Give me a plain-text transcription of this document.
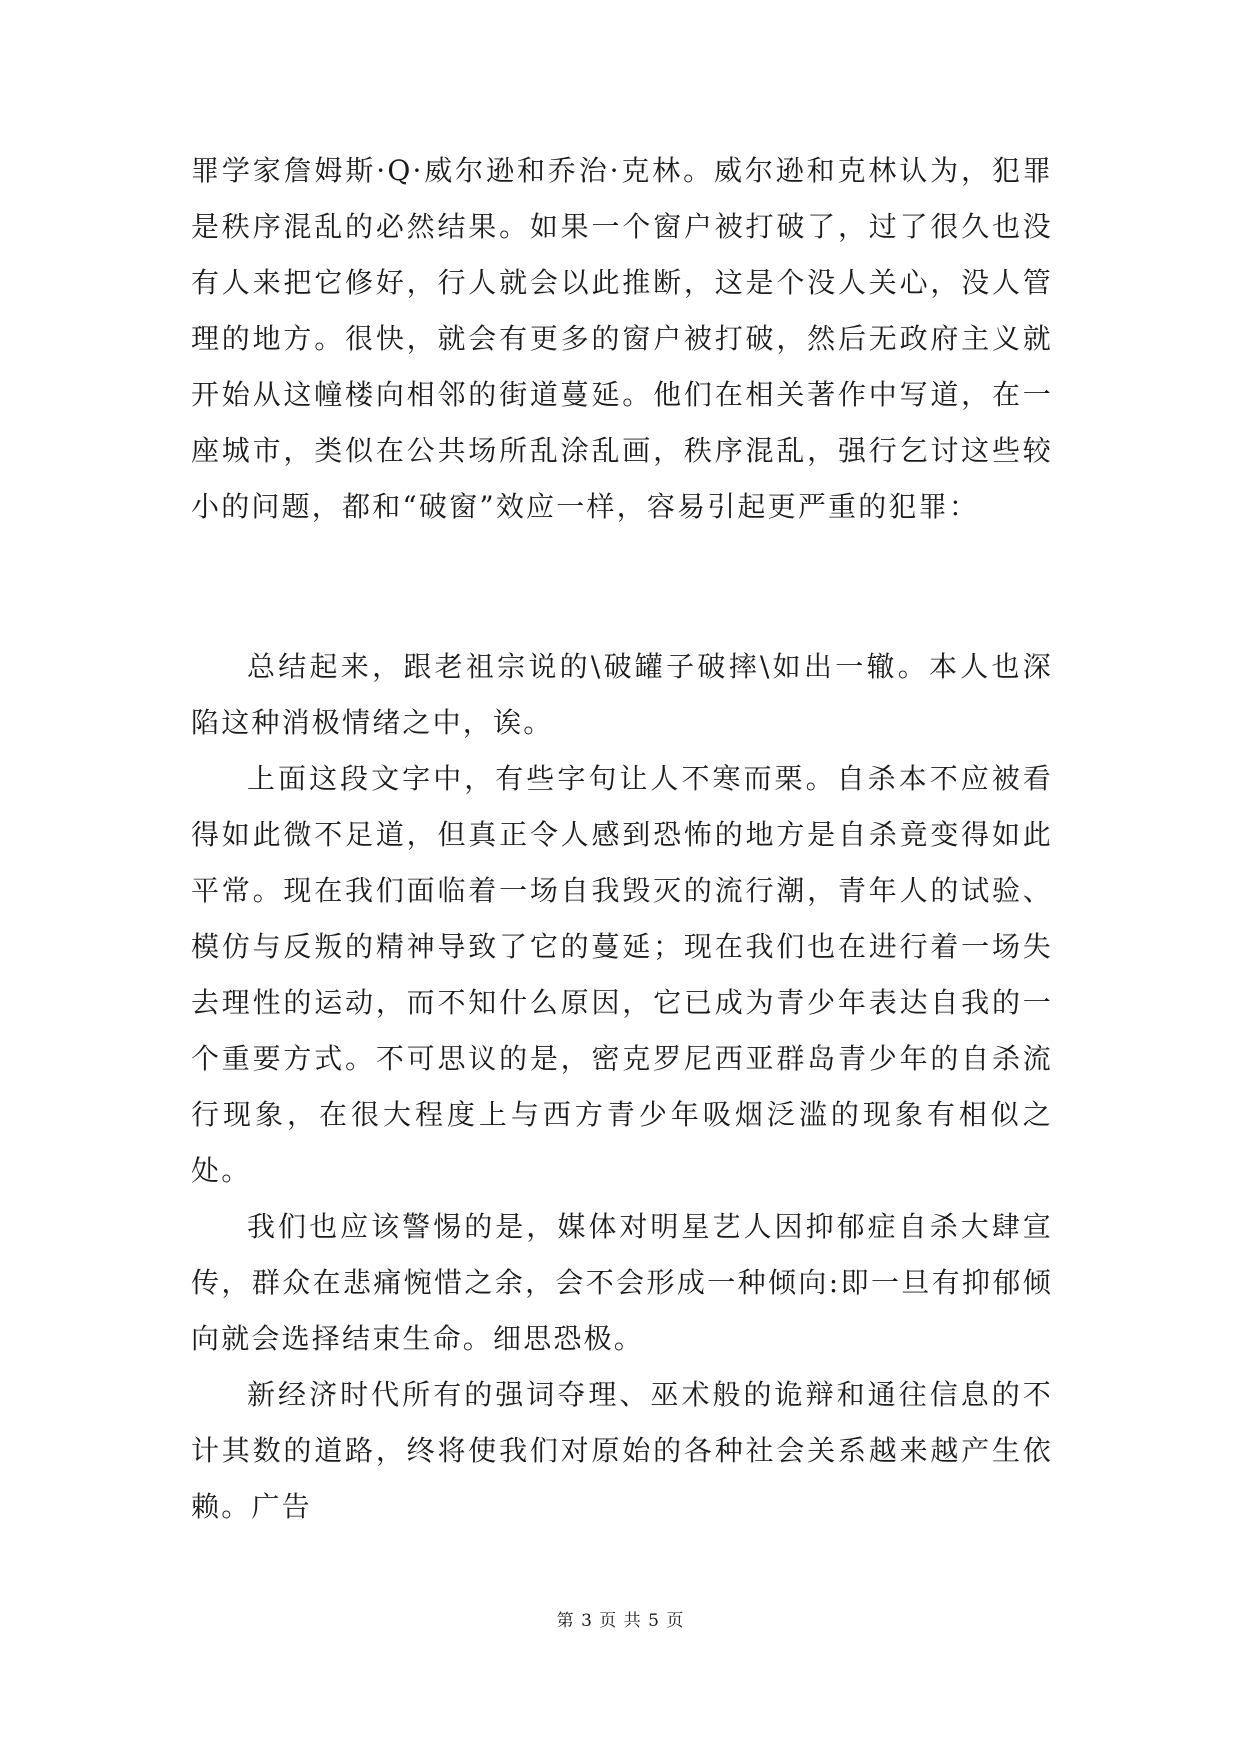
罪学家詹姆斯·Q·威尔逊和乔治·克林。威尔逊和克林认为，犯罪是秩序混乱的必然结果。如果一个窗户被打破了，过了很久也没有人来把它修好，行人就会以此推断，这是个没人关心，没人管理的地方。很快，就会有更多的窗户被打破，然后无政府主义就开始从这幢楼向相邻的街道蔓延。他们在相关著作中写道，在一座城市，类似在公共场所乱涂乱画，秩序混乱，强行乞讨这些较小的问题，都和“破窗”效应一样，容易引起更严重的犯罪：

总结起来，跟老祖宗说的\破罐子破摔\如出一辙。本人也深陷这种消极情绪之中，诶。

上面这段文字中，有些字句让人不寒而栗。自杀本不应被看得如此微不足道，但真正令人感到恐怖的地方是自杀竟变得如此平常。现在我们面临着一场自我毁灭的流行潮，青年人的试验、模仿与反叛的精神导致了它的蔓延；现在我们也在进行着一场失去理性的运动，而不知什么原因，它已成为青少年表达自我的一个重要方式。不可思议的是，密克罗尼西亚群岛青少年的自杀流行现象，在很大程度上与西方青少年吸烟泛滥的现象有相似之处。

我们也应该警惕的是，媒体对明星艺人因抑郁症自杀大肆宣传，群众在悲痛惋惜之余，会不会形成一种倾向:即一旦有抑郁倾向就会选择结束生命。细思恐极。

新经济时代所有的强词夺理、巫术般的诡辩和通往信息的不计其数的道路，终将使我们对原始的各种社会关系越来越产生依赖。广告

第 3 页 共 5 页
